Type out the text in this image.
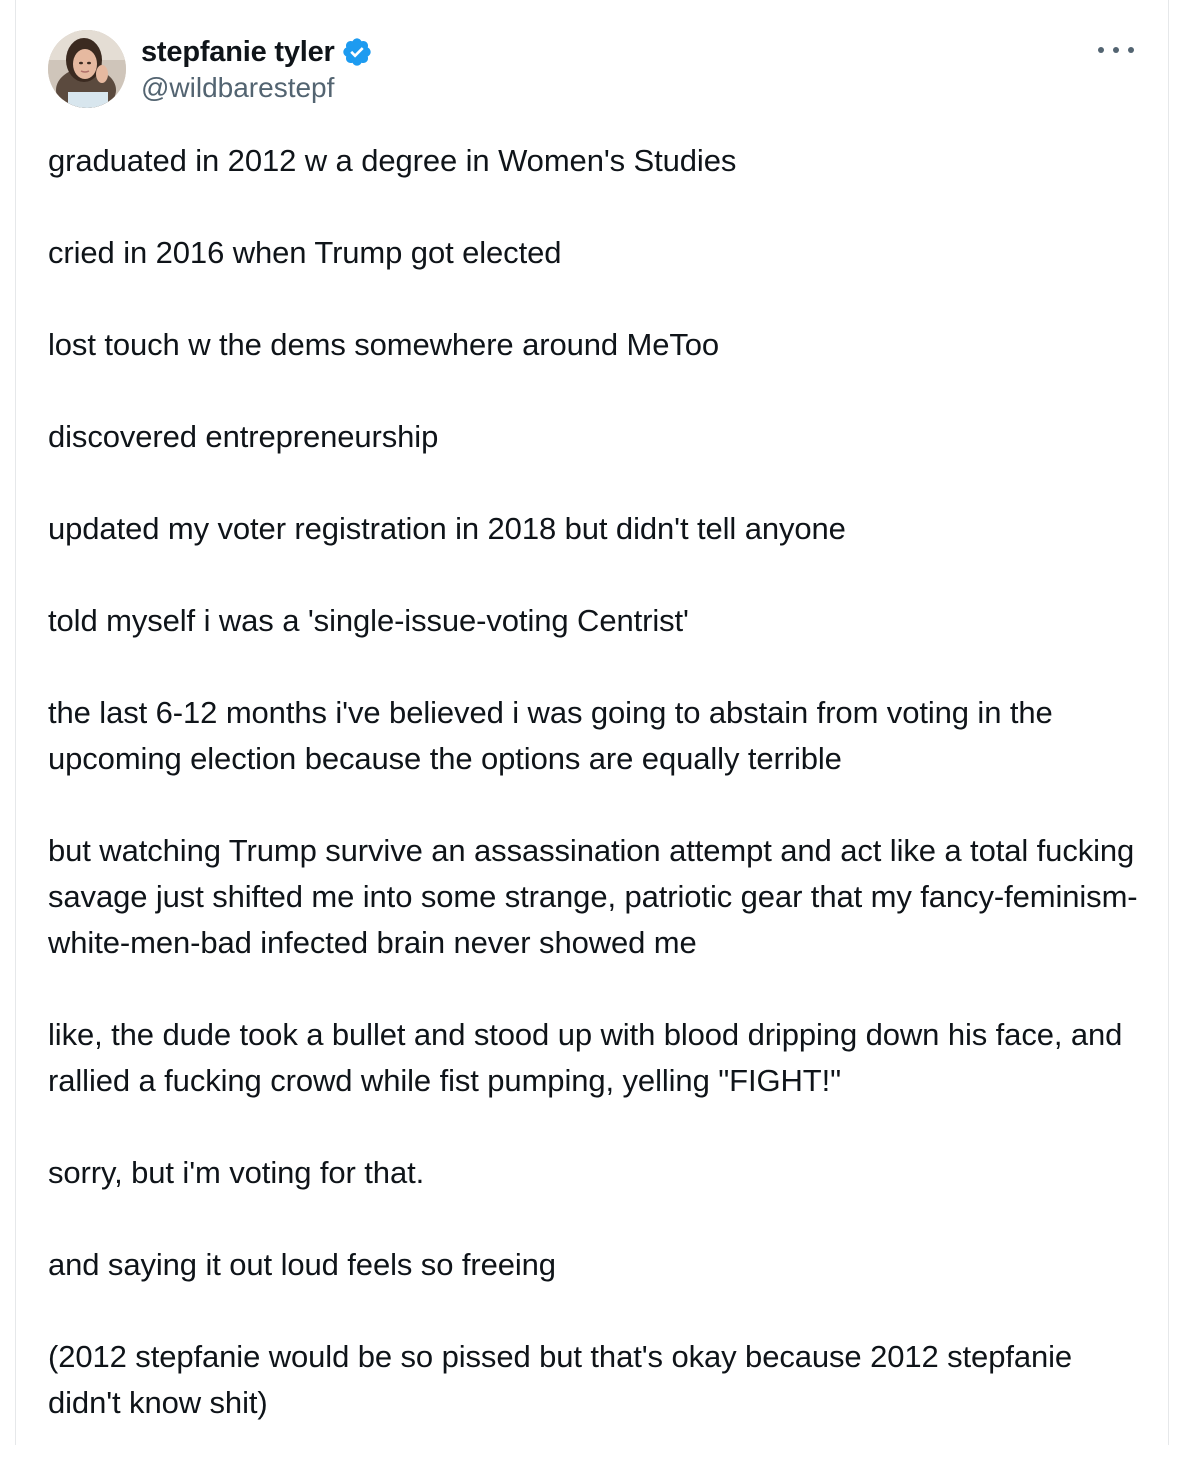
stepfanie tyler
@wildbarestepf

graduated in 2012 w a degree in Women's Studies

cried in 2016 when Trump got elected

lost touch w the dems somewhere around MeToo

discovered entrepreneurship

updated my voter registration in 2018 but didn't tell anyone

told myself i was a 'single-issue-voting Centrist'

the last 6-12 months i've believed i was going to abstain from voting in the upcoming election because the options are equally terrible

but watching Trump survive an assassination attempt and act like a total fucking savage just shifted me into some strange, patriotic gear that my fancy-feminism-white-men-bad infected brain never showed me

like, the dude took a bullet and stood up with blood dripping down his face, and rallied a fucking crowd while fist pumping, yelling "FIGHT!"

sorry, but i'm voting for that.

and saying it out loud feels so freeing

(2012 stepfanie would be so pissed but that's okay because 2012 stepfanie didn't know shit)
